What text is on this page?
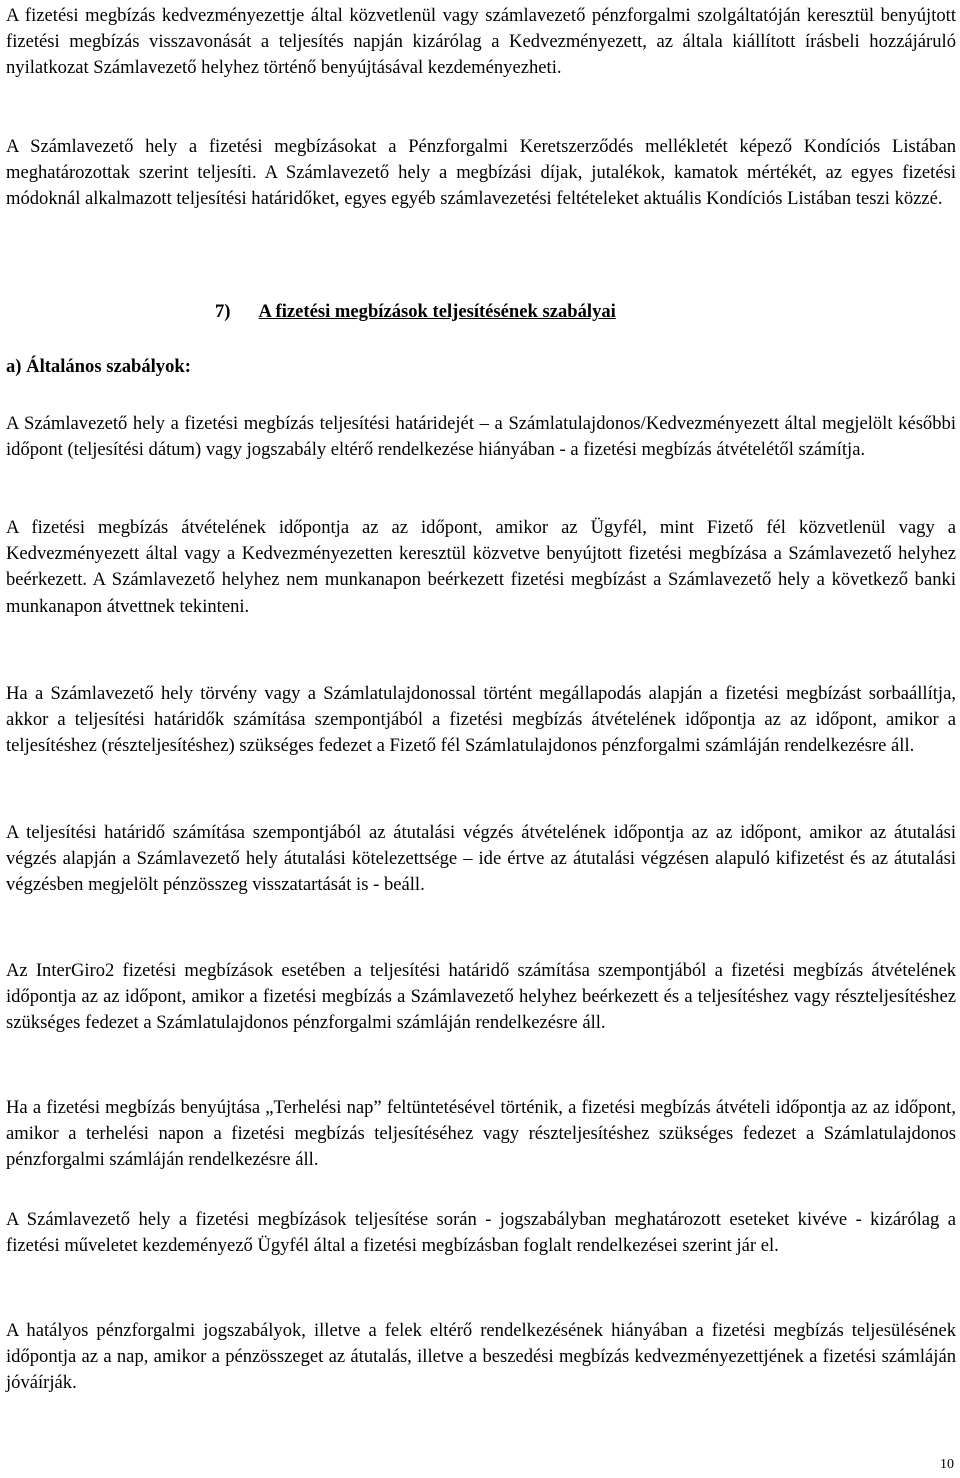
A fizetési megbízás kedvezményezettje által közvetlenül vagy számlavezető pénzforgalmi szolgáltatóján keresztül benyújtott fizetési megbízás visszavonását a teljesítés napján kizárólag a Kedvezményezett, az általa kiállított írásbeli hozzájáruló nyilatkozat Számlavezető helyhez történő benyújtásával kezdeményezheti.

A Számlavezető hely a fizetési megbízásokat a Pénzforgalmi Keretszerződés mellékletét képező Kondíciós Listában meghatározottak szerint teljesíti. A Számlavezető hely a megbízási díjak, jutalékok, kamatok mértékét, az egyes fizetési módoknál alkalmazott teljesítési határidőket, egyes egyéb számlavezetési feltételeket aktuális Kondíciós Listában teszi közzé.

7) A fizetési megbízások teljesítésének szabályai
a) Általános szabályok:

A Számlavezető hely a fizetési megbízás teljesítési határidejét – a Számlatulajdonos/Kedvezményezett által megjelölt későbbi időpont (teljesítési dátum) vagy jogszabály eltérő rendelkezése hiányában - a fizetési megbízás átvételétől számítja.

A fizetési megbízás átvételének időpontja az az időpont, amikor az Ügyfél, mint Fizető fél közvetlenül vagy a Kedvezményezett által vagy a Kedvezményezetten keresztül közvetve benyújtott fizetési megbízása a Számlavezető helyhez beérkezett. A Számlavezető helyhez nem munkanapon beérkezett fizetési megbízást a Számlavezető hely a következő banki munkanapon átvettnek tekinteni.

Ha a Számlavezető hely törvény vagy a Számlatulajdonossal történt megállapodás alapján a fizetési megbízást sorbaállítja, akkor a teljesítési határidők számítása szempontjából a fizetési megbízás átvételének időpontja az az időpont, amikor a teljesítéshez (részteljesítéshez) szükséges fedezet a Fizető fél Számlatulajdonos pénzforgalmi számláján rendelkezésre áll.

A teljesítési határidő számítása szempontjából az átutalási végzés átvételének időpontja az az időpont, amikor az átutalási végzés alapján a Számlavezető hely átutalási kötelezettsége – ide értve az átutalási végzésen alapuló kifizetést és az átutalási végzésben megjelölt pénzösszeg visszatartását is - beáll.

Az InterGiro2 fizetési megbízások esetében a teljesítési határidő számítása szempontjából a fizetési megbízás átvételének időpontja az az időpont, amikor a fizetési megbízás a Számlavezető helyhez beérkezett és a teljesítéshez vagy részteljesítéshez szükséges fedezet a Számlatulajdonos pénzforgalmi számláján rendelkezésre áll.

Ha a fizetési megbízás benyújtása „Terhelési nap” feltüntetésével történik, a fizetési megbízás átvételi időpontja az az időpont, amikor a terhelési napon a fizetési megbízás teljesítéséhez vagy részteljesítéshez szükséges fedezet a Számlatulajdonos pénzforgalmi számláján rendelkezésre áll.

A Számlavezető hely a fizetési megbízások teljesítése során - jogszabályban meghatározott eseteket kivéve - kizárólag a fizetési műveletet kezdeményező Ügyfél által a fizetési megbízásban foglalt rendelkezései szerint jár el.

A hatályos pénzforgalmi jogszabályok, illetve a felek eltérő rendelkezésének hiányában a fizetési megbízás teljesülésének időpontja az a nap, amikor a pénzösszeget az átutalás, illetve a beszedési megbízás kedvezményezettjének a fizetési számláján jóváírják.

10
